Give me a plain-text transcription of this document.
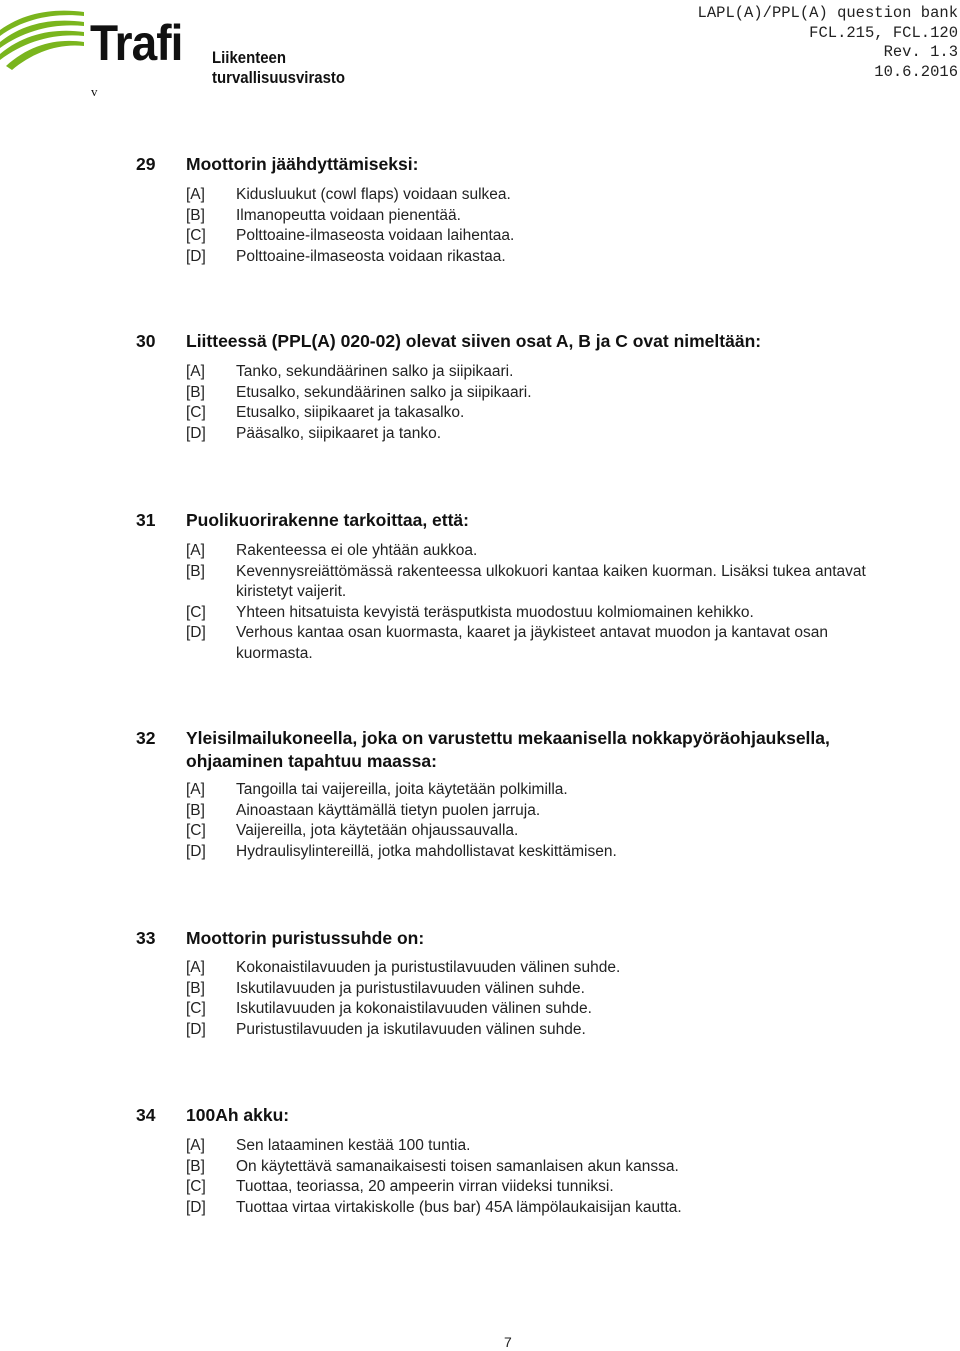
Trafi Liikenteen turvallisuusvirasto
v
LAPL(A)/PPL(A) question bank
FCL.215, FCL.120
Rev. 1.3
10.6.2016
29 Moottorin jäähdyttämiseksi:
[A] Kidusluukut (cowl flaps) voidaan sulkea.
[B] Ilmanopeutta voidaan pienentää.
[C] Polttoaine-ilmaseosta voidaan laihentaa.
[D] Polttoaine-ilmaseosta voidaan rikastaa.
30 Liitteessä (PPL(A) 020-02) olevat siiven osat A, B ja C ovat nimeltään:
[A] Tanko, sekundäärinen salko ja siipikaari.
[B] Etusalko, sekundäärinen salko ja siipikaari.
[C] Etusalko, siipikaaret ja takasalko.
[D] Pääsalko, siipikaaret ja tanko.
31 Puolikuorirakenne tarkoittaa, että:
[A] Rakenteessa ei ole yhtään aukkoa.
[B] Kevennysreiättömässä rakenteessa ulkokuori kantaa kaiken kuorman. Lisäksi tukea antavat kiristetyt vaijerit.
[C] Yhteen hitsatuista kevyistä teräsputkista muodostuu kolmiomainen kehikko.
[D] Verhous kantaa osan kuormasta, kaaret ja jäykisteet antavat muodon ja kantavat osan kuormasta.
32 Yleisilmailukoneella, joka on varustettu mekaanisella nokkapyöräohjauksella, ohjaaminen tapahtuu maassa:
[A] Tangoilla tai vaijereilla, joita käytetään polkimilla.
[B] Ainoastaan käyttämällä tietyn puolen jarruja.
[C] Vaijereilla, jota käytetään ohjaussauvalla.
[D] Hydraulisylintereillä, jotka mahdollistavat keskittämisen.
33 Moottorin puristussuhde on:
[A] Kokonaistilavuuden ja puristustilavuuden välinen suhde.
[B] Iskutilavuuden ja puristustilavuuden välinen suhde.
[C] Iskutilavuuden ja kokonaistilavuuden välinen suhde.
[D] Puristustilavuuden ja iskutilavuuden välinen suhde.
34 100Ah akku:
[A] Sen lataaminen kestää 100 tuntia.
[B] On käytettävä samanaikaisesti toisen samanlaisen akun kanssa.
[C] Tuottaa, teoriassa, 20 ampeerin virran viideksi tunniksi.
[D] Tuottaa virtaa virtakiskolle (bus bar) 45A lämpölaukaisijan kautta.
7
